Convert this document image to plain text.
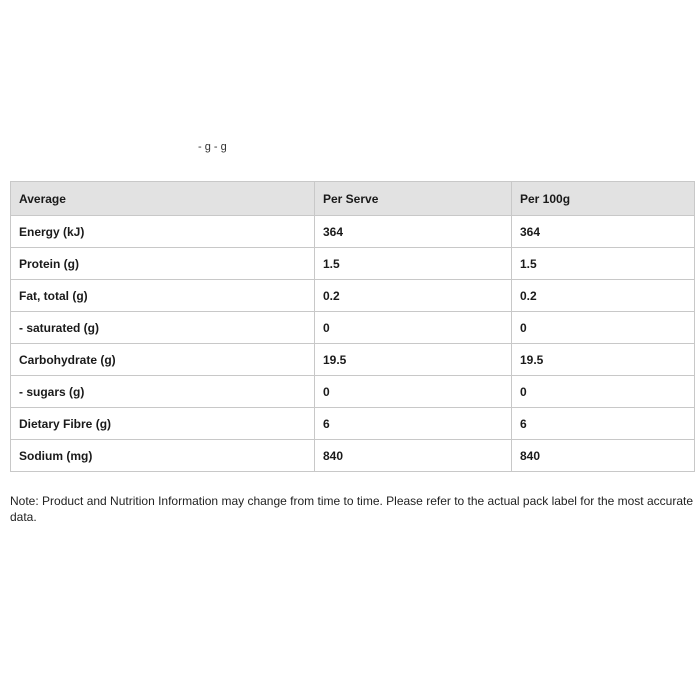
- g - g
Average	Per Serve	Per 100g
Energy (kJ)	364	364
Protein (g)	1.5	1.5
Fat, total (g)	0.2	0.2
- saturated (g)	0	0
Carbohydrate (g)	19.5	19.5
- sugars (g)	0	0
Dietary Fibre (g)	6	6
Sodium (mg)	840	840
Note: Product and Nutrition Information may change from time to time. Please refer to the actual pack label for the most accurate data.
